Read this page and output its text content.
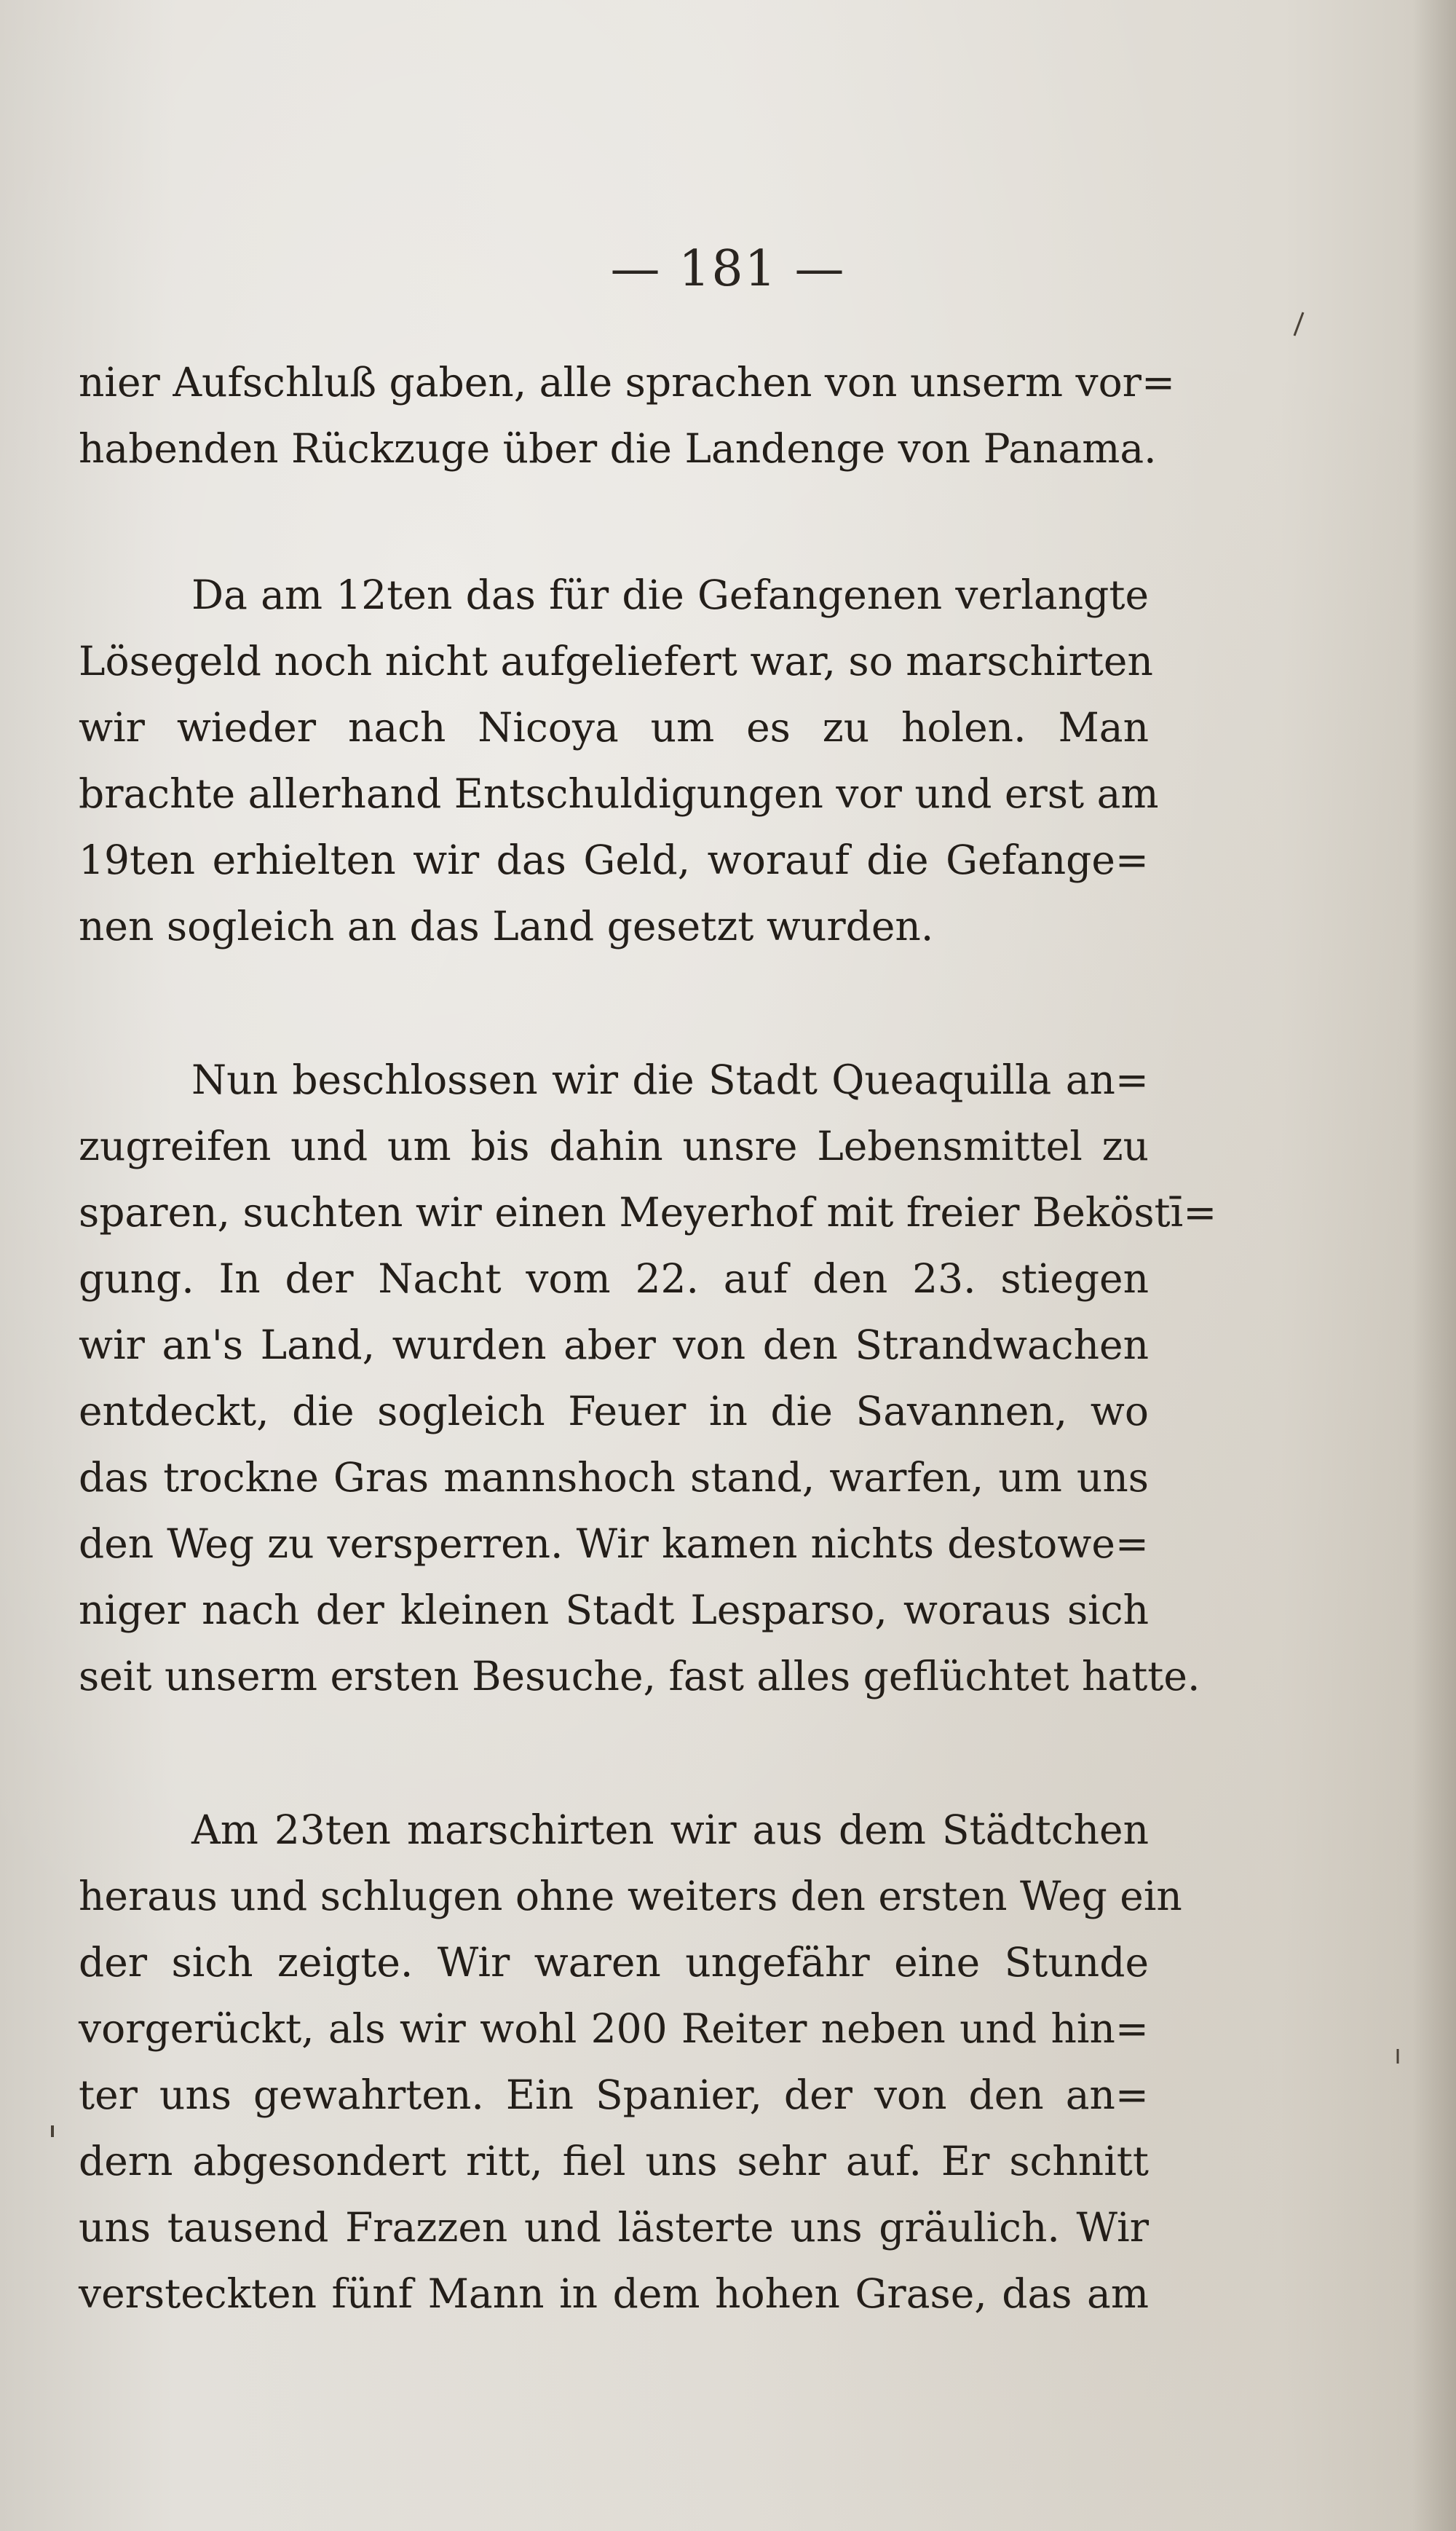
— 181 —
nier Aufschluß gaben, alle sprachen von unserm vor=
habenden Rückzuge über die Landenge von Panama.
Da am 12ten das für die Gefangenen verlangte
Lösegeld noch nicht aufgeliefert war, so marschirten
wir wieder nach Nicoya um es zu holen. Man
brachte allerhand Entschuldigungen vor und erst am
19ten erhielten wir das Geld, worauf die Gefange=
nen sogleich an das Land gesetzt wurden.
Nun beschlossen wir die Stadt Queaquilla an=
zugreifen und um bis dahin unsre Lebensmittel zu
sparen, suchten wir einen Meyerhof mit freier Beköstī=
gung. In der Nacht vom 22. auf den 23. stiegen
wir an's Land, wurden aber von den Strandwachen
entdeckt, die sogleich Feuer in die Savannen, wo
das trockne Gras mannshoch stand, warfen, um uns
den Weg zu versperren. Wir kamen nichts destowe=
niger nach der kleinen Stadt Lesparso, woraus sich
seit unserm ersten Besuche, fast alles geflüchtet hatte.
Am 23ten marschirten wir aus dem Städtchen
heraus und schlugen ohne weiters den ersten Weg ein
der sich zeigte. Wir waren ungefähr eine Stunde
vorgerückt, als wir wohl 200 Reiter neben und hin=
ter uns gewahrten. Ein Spanier, der von den an=
dern abgesondert ritt, fiel uns sehr auf. Er schnitt
uns tausend Frazzen und lästerte uns gräulich. Wir
versteckten fünf Mann in dem hohen Grase, das am
